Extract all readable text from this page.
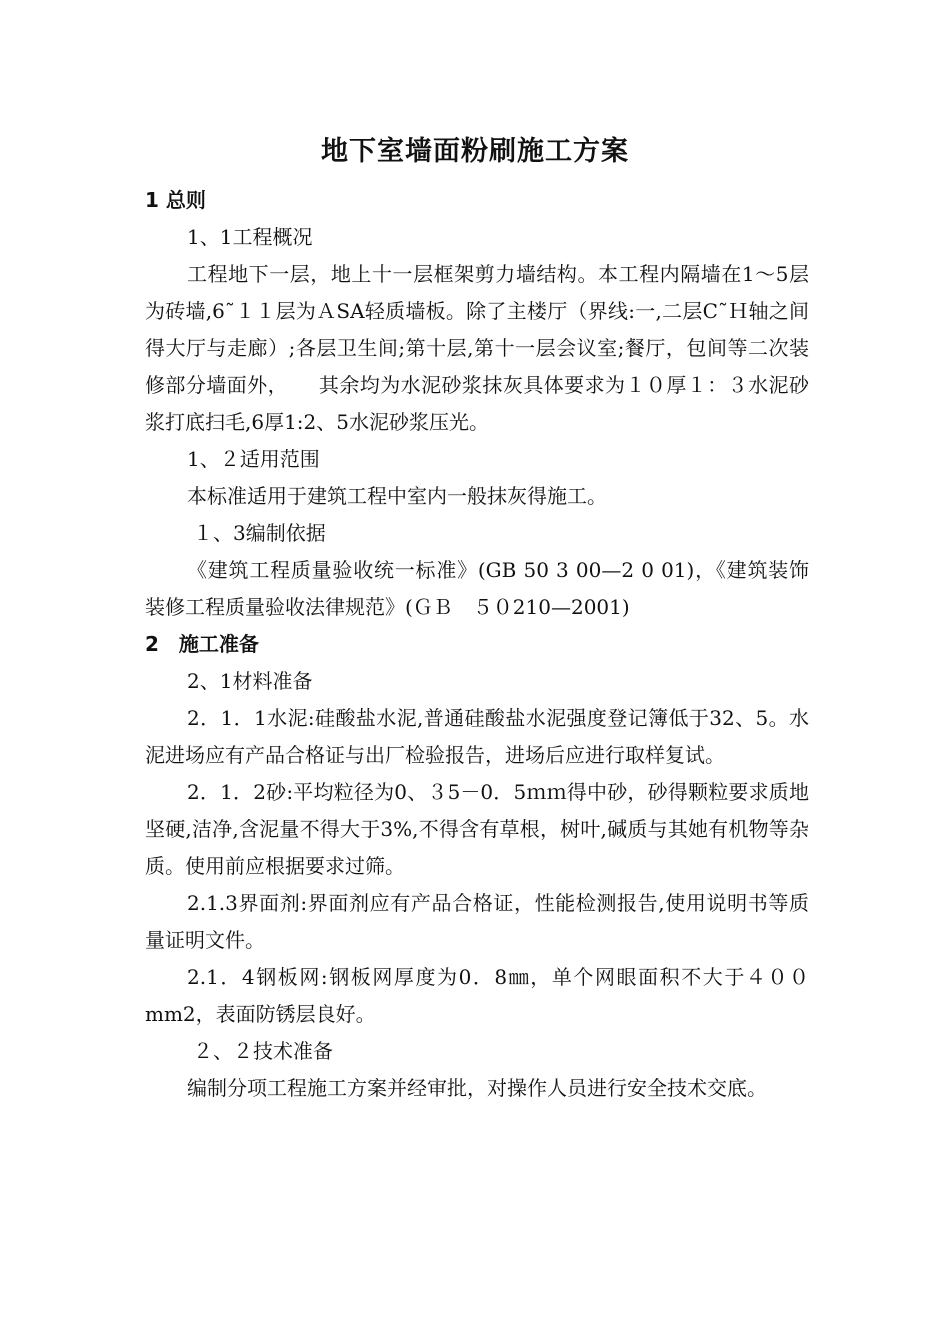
地下室墙面粉刷施工方案

1 总则

1、1工程概况

工程地下一层，地上十一层框架剪力墙结构。本工程内隔墙在1～5层为砖墙,6˜１１层为ＡSA轻质墙板。除了主楼厅（界线:一,二层C˜Ｈ轴之间得大厅与走廊）;各层卫生间;第十层,第十一层会议室;餐厅，包间等二次装修部分墙面外，　　其余均为水泥砂浆抹灰具体要求为１０厚１：３水泥砂浆打底扫毛,6厚1:2、5水泥砂浆压光。

1、２适用范围

本标准适用于建筑工程中室内一般抹灰得施工。

１、3编制依据

《建筑工程质量验收统一标准》(GB 50 3 00—2 0 01)，《建筑装饰装修工程质量验收法律规范》(ＧＢ　５０210—2001)

2　施工准备

2、1材料准备

2．1．1水泥:硅酸盐水泥,普通硅酸盐水泥强度登记簿低于32、5。水泥进场应有产品合格证与出厂检验报告，进场后应进行取样复试。

2．1．2砂:平均粒径为0、３5－0．5ｍｍ得中砂，砂得颗粒要求质地坚硬,洁净,含泥量不得大于3%,不得含有草根，树叶,碱质与其她有机物等杂质。使用前应根据要求过筛。

2.1.3界面剂:界面剂应有产品合格证，性能检测报告,使用说明书等质量证明文件。

2.1．4钢板网:钢板网厚度为0．8㎜，单个网眼面积不大于４００mm2，表面防锈层良好。

２、２技术准备

编制分项工程施工方案并经审批，对操作人员进行安全技术交底。
